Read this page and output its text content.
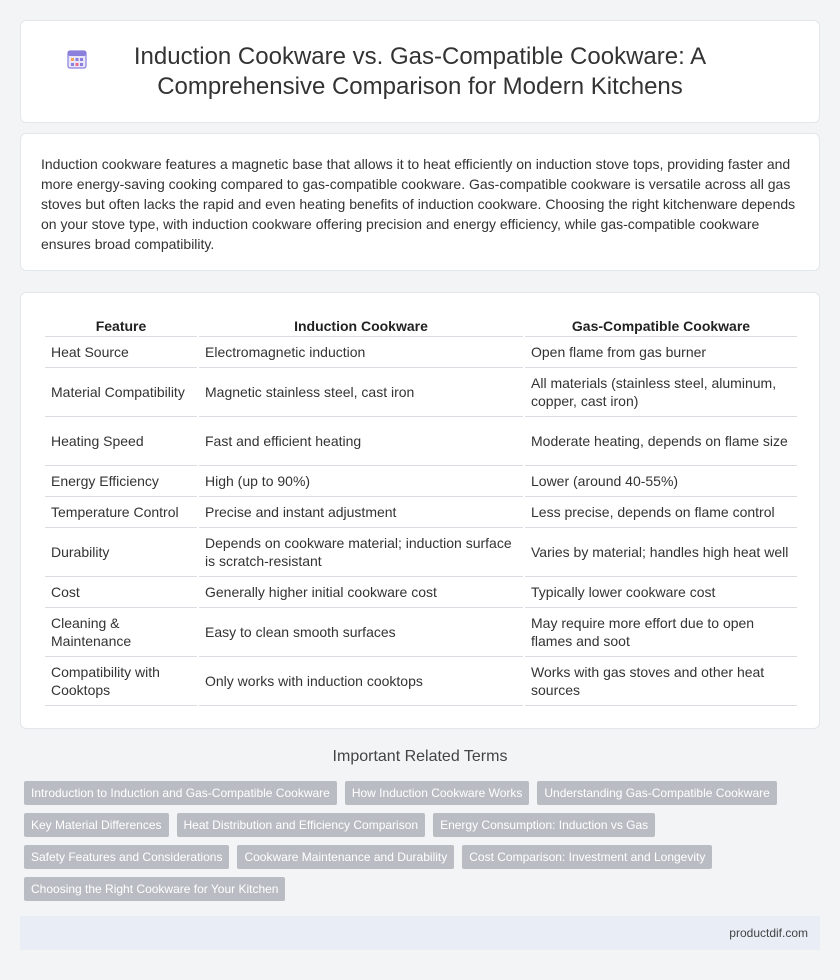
Induction Cookware vs. Gas-Compatible Cookware: A Comprehensive Comparison for Modern Kitchens

Induction cookware features a magnetic base that allows it to heat efficiently on induction stove tops, providing faster and more energy-saving cooking compared to gas-compatible cookware. Gas-compatible cookware is versatile across all gas stoves but often lacks the rapid and even heating benefits of induction cookware. Choosing the right kitchenware depends on your stove type, with induction cookware offering precision and energy efficiency, while gas-compatible cookware ensures broad compatibility.

Feature	Induction Cookware	Gas-Compatible Cookware
Heat Source	Electromagnetic induction	Open flame from gas burner
Material Compatibility	Magnetic stainless steel, cast iron	All materials (stainless steel, aluminum, copper, cast iron)
Heating Speed	Fast and efficient heating	Moderate heating, depends on flame size
Energy Efficiency	High (up to 90%)	Lower (around 40-55%)
Temperature Control	Precise and instant adjustment	Less precise, depends on flame control
Durability	Depends on cookware material; induction surface is scratch-resistant	Varies by material; handles high heat well
Cost	Generally higher initial cookware cost	Typically lower cookware cost
Cleaning & Maintenance	Easy to clean smooth surfaces	May require more effort due to open flames and soot
Compatibility with Cooktops	Only works with induction cooktops	Works with gas stoves and other heat sources
Important Related Terms
Introduction to Induction and Gas-Compatible Cookware	How Induction Cookware Works	Understanding Gas-Compatible Cookware
Key Material Differences	Heat Distribution and Efficiency Comparison	Energy Consumption: Induction vs Gas
Safety Features and Considerations	Cookware Maintenance and Durability	Cost Comparison: Investment and Longevity
Choosing the Right Cookware for Your Kitchen
productdif.com
